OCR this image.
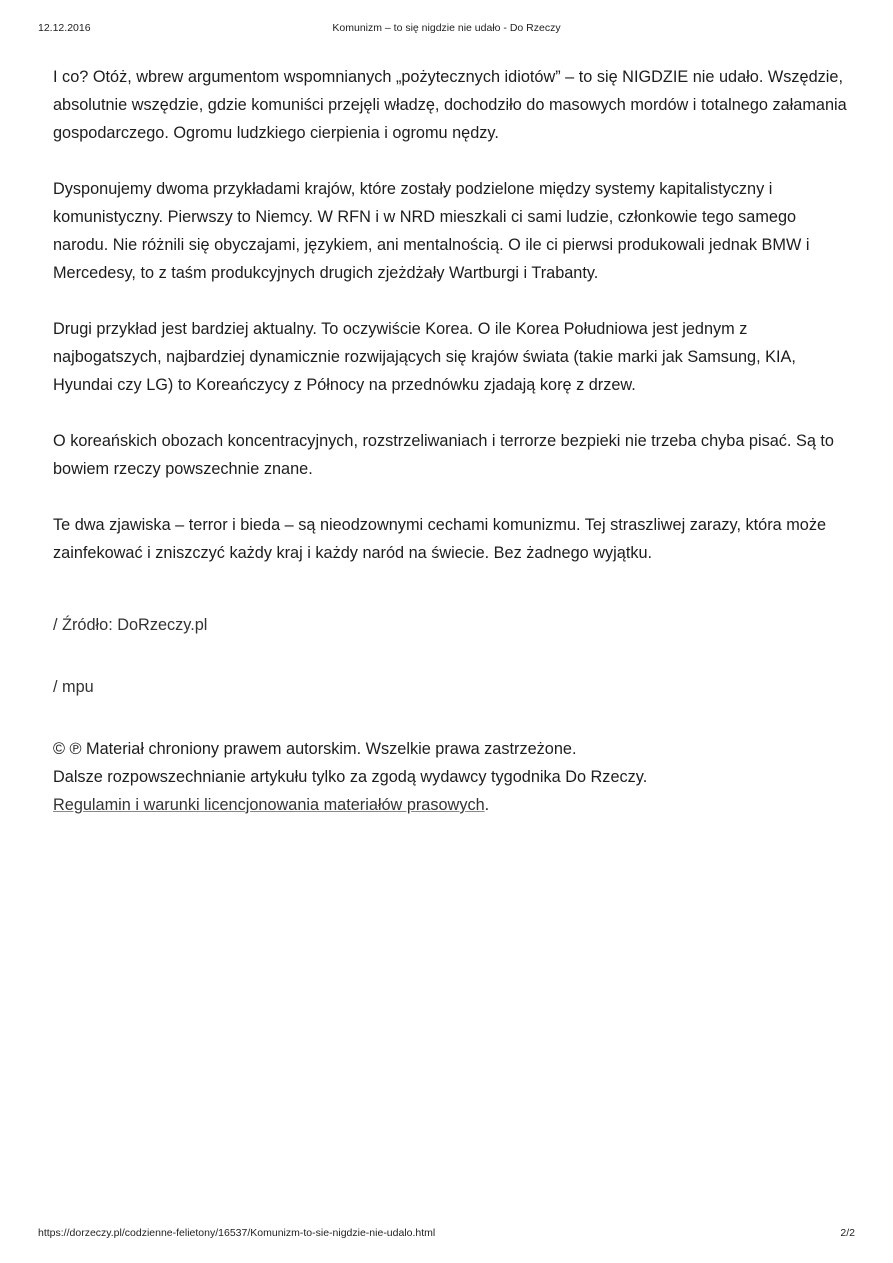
12.12.2016	Komunizm – to się nigdzie nie udało - Do Rzeczy

I co? Otóż, wbrew argumentom wspomnianych „pożytecznych idiotów” – to się NIGDZIE nie udało. Wszędzie, absolutnie wszędzie, gdzie komuniści przejęli władzę, dochodziło do masowych mordów i totalnego załamania gospodarczego. Ogromu ludzkiego cierpienia i ogromu nędzy.

Dysponujemy dwoma przykładami krajów, które zostały podzielone między systemy kapitalistyczny i komunistyczny. Pierwszy to Niemcy. W RFN i w NRD mieszkali ci sami ludzie, członkowie tego samego narodu. Nie różnili się obyczajami, językiem, ani mentalnością. O ile ci pierwsi produkowali jednak BMW i Mercedesy, to z taśm produkcyjnych drugich zjeżdżały Wartburgi i Trabanty.

Drugi przykład jest bardziej aktualny. To oczywiście Korea. O ile Korea Południowa jest jednym z najbogatszych, najbardziej dynamicznie rozwijających się krajów świata (takie marki jak Samsung, KIA, Hyundai czy LG) to Koreańczycy z Północy na przednówku zjadają korę z drzew.

O koreańskich obozach koncentracyjnych, rozstrzeliwaniach i terrorze bezpieki nie trzeba chyba pisać. Są to bowiem rzeczy powszechnie znane.

Te dwa zjawiska – terror i bieda – są nieodzownymi cechami komunizmu. Tej straszliwej zarazy, która może zainfekować i zniszczyć każdy kraj i każdy naród na świecie. Bez żadnego wyjątku.

/ Źródło: DoRzeczy.pl

/ mpu

© ℗ Materiał chroniony prawem autorskim. Wszelkie prawa zastrzeżone.
Dalsze rozpowszechnianie artykułu tylko za zgodą wydawcy tygodnika Do Rzeczy.
Regulamin i warunki licencjonowania materiałów prasowych.
https://dorzeczy.pl/codzienne-felietony/16537/Komunizm-to-sie-nigdzie-nie-udalo.html	2/2
